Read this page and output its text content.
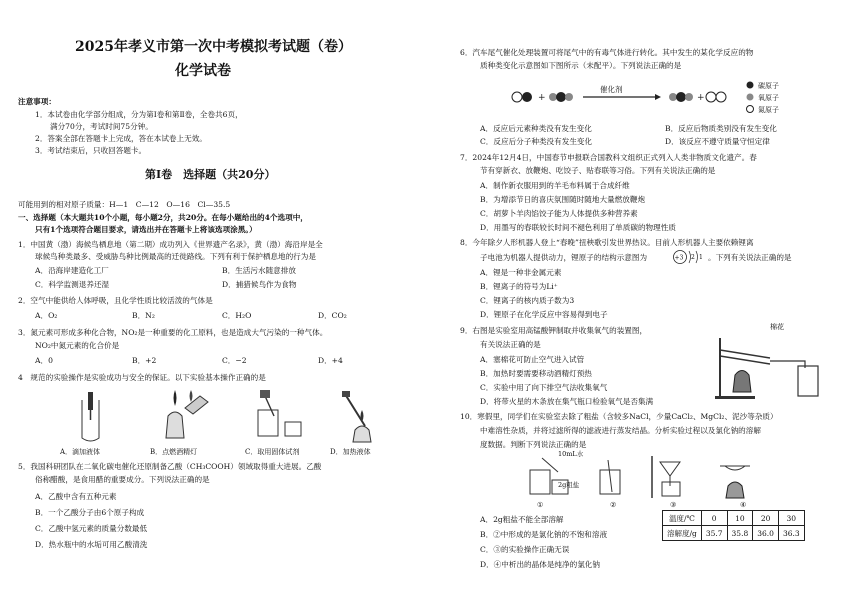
2025年孝义市第一次中考模拟考试题（卷）
化学试卷
注意事项：
1．本试卷由化学部分组成，分为第Ⅰ卷和第Ⅱ卷，全卷共6页，
满分70分，考试时间75分钟。
2．答案全部在答题卡上完成，答在本试卷上无效。
3．考试结束后，只收回答题卡。
第Ⅰ卷　选择题（共20分）
可能用到的相对原子质量：H—1　C—12　O—16　Cl—35.5
一、选择题（本大题共10个小题，每小题2分，共20分。在每小题给出的4个选项中，
只有1个选项符合题目要求，请选出并在答题卡上将该选项涂黑。）
1．中国黄（渤）海候鸟栖息地（第二期）成功列入《世界遗产名录》，黄（渤）海沿岸是全
球候鸟种类最多、受威胁鸟种比例最高的迁徙路线。下列有利于保护栖息地的行为是
A．沿海岸建造化工厂	B．生活污水随意排放
C．科学监测退养还湿	D．捕猎候鸟作为食物
2．空气中能供给人体呼吸，且化学性质比较活泼的气体是
A．O₂	B．N₂	C．H₂O	D．CO₂
3．氮元素可形成多种化合物，NO₂是一种重要的化工原料，也是造成大气污染的一种气体。
NO₂中氮元素的化合价是
A．0	B．+2	C．−2	D．+4
4　规范的实验操作是实验成功与安全的保证。以下实验基本操作正确的是
A．滴加液体	B．点燃酒精灯	C．取用固体试剂	D．加热液体
5．我国科研团队在二氧化碳电催化还原制备乙酸（CH₃COOH）领域取得重大进展。乙酸
俗称醋酸，是食用醋的重要成分。下列说法正确的是
A．乙酸中含有五种元素
B．一个乙酸分子由6个原子构成
C．乙酸中氢元素的质量分数最低
D．热水瓶中的水垢可用乙酸清洗
6．汽车尾气催化处理装置可将尾气中的有毒气体进行转化。其中发生的某化学反应的物
质种类变化示意图如下图所示（未配平）。下列说法正确的是
+
催化剂
+
碳原子
氧原子
氮原子
A．反应后元素种类没有发生变化	B．反应后物质类别没有发生变化
C．反应后分子种类没有发生变化	D．该反应不遵守质量守恒定律
7．2024年12月4日，中国春节申报联合国教科文组织正式列入人类非物质文化遗产。春
节有穿新衣、放鞭炮、吃饺子、贴春联等习俗。下列有关说法正确的是
A．制作新衣服用到的羊毛布料属于合成纤维
B．为增添节日的喜庆氛围随时随地大量燃放鞭炮
C．胡萝卜羊肉馅饺子能为人体提供多种营养素
D．用墨写的春联较长时间不褪色利用了单质碳的物理性质
8．今年除夕人形机器人登上“春晚”扭秧歌引发世界热议。目前人形机器人主要依赖锂离
子电池为机器人提供动力，锂原子的结构示意图为	+3 2 1 。下列有关说法正确的是
A．锂是一种非金属元素
B．锂离子的符号为Li⁺
C．锂离子的核内质子数为3
D．锂原子在化学反应中容易得到电子
9．右图是实验室用高锰酸钾制取并收集氧气的装置图，
有关说法正确的是
A．塞棉花可防止空气进入试管
B．加热时要需要移动酒精灯预热
C．实验中用了向下排空气法收集氧气
D．将带火星的木条放在集气瓶口检验氧气是否集满
棉花
10．寒假里，同学们在实验室去除了粗盐（含较多NaCl，少量CaCl₂、MgCl₂、泥沙等杂质）
中难溶性杂质，并将过滤所得的滤液进行蒸发结晶。分析实验过程以及氯化钠的溶解
度数据。判断下列说法正确的是
10mL水
2g粗盐
①	②	③	④
A．2g粗盐不能全部溶解
B．②中形成的是氯化钠的不饱和溶液
C．③的实验操作正确无误
D．④中析出的晶体是纯净的氯化钠
温度/℃	0	10	20	30
溶解度/g	35.7	35.8	36.0	36.3
